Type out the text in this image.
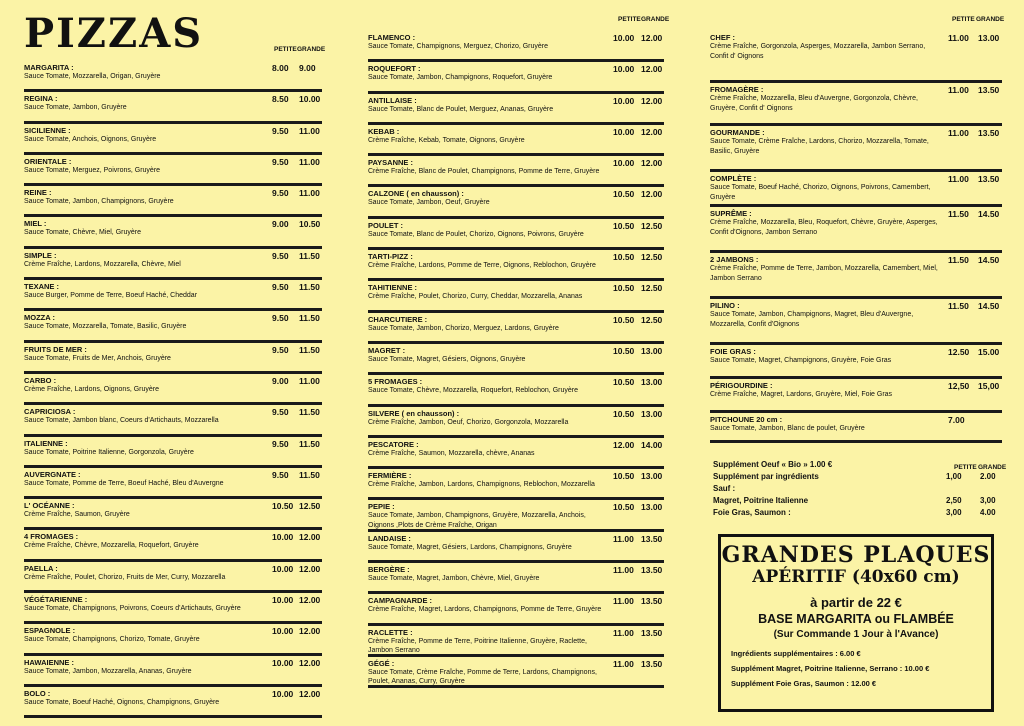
PIZZAS	PETITE GRANDE
MARGARITA :
Sauce Tomate, Mozzarella, Origan, Gruyère
8.00 9.00
REGINA :
Sauce Tomate, Jambon, Gruyère
8.50 10.00
SICILIENNE :
Sauce Tomate, Anchois, Oignons, Gruyère
9.50 11.00
ORIENTALE :
Sauce Tomate, Merguez, Poivrons, Gruyère
9.50 11.00
REINE :
Sauce Tomate, Jambon, Champignons, Gruyère
9.50 11.00
MIEL :
Sauce Tomate, Chèvre, Miel, Gruyère
9.00 10.50
SIMPLE :
Crème Fraîche, Lardons, Mozzarella, Chèvre, Miel
9.50 11.50
TEXANE :
Sauce Burger, Pomme de Terre, Boeuf Haché, Cheddar
9.50 11.50
MOZZA :
Sauce Tomate, Mozzarella, Tomate, Basilic, Gruyère
9.50 11.50
FRUITS DE MER :
Sauce Tomate, Fruits de Mer, Anchois, Gruyère
9.50 11.50
CARBO :
Crème Fraîche, Lardons, Oignons, Gruyère
9.00 11.00
CAPRICIOSA :
Sauce Tomate, Jambon blanc, Coeurs d'Artichauts, Mozzarella
9.50 11.50
ITALIENNE :
Sauce Tomate, Poitrine Italienne, Gorgonzola, Gruyère
9.50 11.50
AUVERGNATE :
Sauce Tomate, Pomme de Terre, Boeuf Haché, Bleu d'Auvergne
9.50 11.50
L' OCÉANNE :
Crème Fraîche, Saumon, Gruyère
10.50 12.50
4 FROMAGES :
Crème Fraîche, Chèvre, Mozzarella, Roquefort, Gruyère
10.00 12.00
PAELLA :
Crème Fraîche, Poulet, Chorizo, Fruits de Mer, Curry, Mozzarella
10.00 12.00
VÉGÉTARIENNE :
Sauce Tomate, Champignons, Poivrons, Coeurs d'Artichauts, Gruyère
10.00 12.00
ESPAGNOLE :
Sauce Tomate, Champignons, Chorizo, Tomate, Gruyère
10.00 12.00
HAWAIENNE :
Sauce Tomate, Jambon, Mozzarella, Ananas, Gruyère
10.00 12.00
BOLO :
Sauce Tomate, Boeuf Haché, Oignons, Champignons, Gruyère
10.00 12.00
PETITE GRANDE
FLAMENCO :
Sauce Tomate, Champignons, Merguez, Chorizo, Gruyère
10.00 12.00
ROQUEFORT :
Sauce Tomate, Jambon, Champignons, Roquefort, Gruyère
10.00 12.00
ANTILLAISE :
Sauce Tomate, Blanc de Poulet, Merguez, Ananas, Gruyère
10.00 12.00
KEBAB :
Crème Fraîche, Kebab, Tomate, Oignons, Gruyère
10.00 12.00
PAYSANNE :
Crème Fraîche, Blanc de Poulet, Champignons, Pomme de Terre, Gruyère
10.00 12.00
CALZONE ( en chausson) :
Sauce Tomate, Jambon, Oeuf, Gruyère
10.50 12.00
POULET :
Sauce Tomate, Blanc de Poulet, Chorizo, Oignons, Poivrons, Gruyère
10.50 12.50
TARTI-PIZZ :
Crème Fraîche, Lardons, Pomme de Terre, Oignons, Reblochon, Gruyère
10.50 12.50
TAHITIENNE :
Crème Fraîche, Poulet, Chorizo, Curry, Cheddar, Mozzarella, Ananas
10.50 12.50
CHARCUTIERE :
Sauce Tomate, Jambon, Chorizo, Merguez, Lardons, Gruyère
10.50 12.50
MAGRET :
Sauce Tomate, Magret, Gésiers, Oignons, Gruyère
10.50 13.00
5 FROMAGES :
Sauce Tomate, Chèvre, Mozzarella, Roquefort, Reblochon, Gruyère
10.50 13.00
SILVERE ( en chausson) :
Crème Fraîche, Jambon, Oeuf, Chorizo, Gorgonzola, Mozzarella
10.50 13.00
PESCATORE :
Crème Fraîche, Saumon, Mozzarella, chèvre, Ananas
12.00 14.00
FERMIÈRE :
Crème Fraîche, Jambon, Lardons, Champignons, Reblochon, Mozzarella
10.50 13.00
PEPIE :
Sauce Tomate, Jambon, Champignons, Gruyère, Mozzarella, Anchois, Oignons ,Plots de Crème Fraîche, Origan
10.50 13.00
LANDAISE :
Sauce Tomate, Magret, Gésiers, Lardons, Champignons, Gruyère
11.00 13.50
BERGÈRE :
Sauce Tomate, Magret, Jambon, Chèvre, Miel, Gruyère
11.00 13.50
CAMPAGNARDE :
Crème Fraîche, Magret, Lardons, Champignons, Pomme de Terre, Gruyère
11.00 13.50
RACLETTE :
Crème Fraîche, Pomme de Terre, Poitrine Italienne, Gruyère, Raclette, Jambon Serrano
11.00 13.50
GÉGÉ :
Sauce Tomate, Crème Fraîche, Pomme de Terre, Lardons, Champignons, Poulet, Ananas, Curry, Gruyère
11.00 13.50
PETITE GRANDE
CHEF :
Crème Fraîche, Gorgonzola, Asperges, Mozzarella, Jambon Serrano, Confit d' Oignons
11.00 13.00
FROMAGÈRE :
Crème Fraîche, Mozzarella, Bleu d'Auvergne, Gorgonzola, Chèvre, Gruyère, Confit d' Oignons
11.00 13.50
GOURMANDE :
Sauce Tomate, Crème Fraîche, Lardons, Chorizo, Mozzarella, Tomate, Basilic, Gruyère
11.00 13.50
COMPLÈTE :
Sauce Tomate, Boeuf Haché, Chorizo, Oignons, Poivrons, Camembert, Gruyère
11.00 13.50
SUPRÊME :
Crème Fraîche, Mozzarella, Bleu, Roquefort, Chèvre, Gruyère, Asperges, Confit d'Oignons, Jambon Serrano
11.50 14.50
2 JAMBONS :
Crème Fraîche, Pomme de Terre, Jambon, Mozzarella, Camembert, Miel, Jambon Serrano
11.50 14.50
PILINO :
Sauce Tomate, Jambon, Champignons, Magret, Bleu d'Auvergne, Mozzarella, Confit d'Oignons
11.50 14.50
FOIE GRAS :
Sauce Tomate, Magret, Champignons, Gruyère, Foie Gras
12.50 15.00
PÉRIGOURDINE :
Crème Fraîche, Magret, Lardons, Gruyère, Miel, Foie Gras
12,50 15,00
PITCHOUNE 20 cm :
Sauce Tomate, Jambon, Blanc de poulet, Gruyère
7.00
PETITE GRANDE
Supplément Oeuf « Bio » 1.00 €
Supplément par ingrédients	1,00 2.00
Sauf :
Magret, Poitrine Italienne	2,50 3,00
Foie Gras, Saumon :	3,00 4.00
GRANDES PLAQUES
APÉRITIF (40x60 cm)
à partir de 22 €
BASE MARGARITA ou FLAMBÉE
(Sur Commande 1 Jour à l'Avance)
Ingrédients supplémentaires : 6.00 €
Supplément Magret, Poitrine Italienne, Serrano : 10.00 €
Supplément Foie Gras, Saumon : 12.00 €
